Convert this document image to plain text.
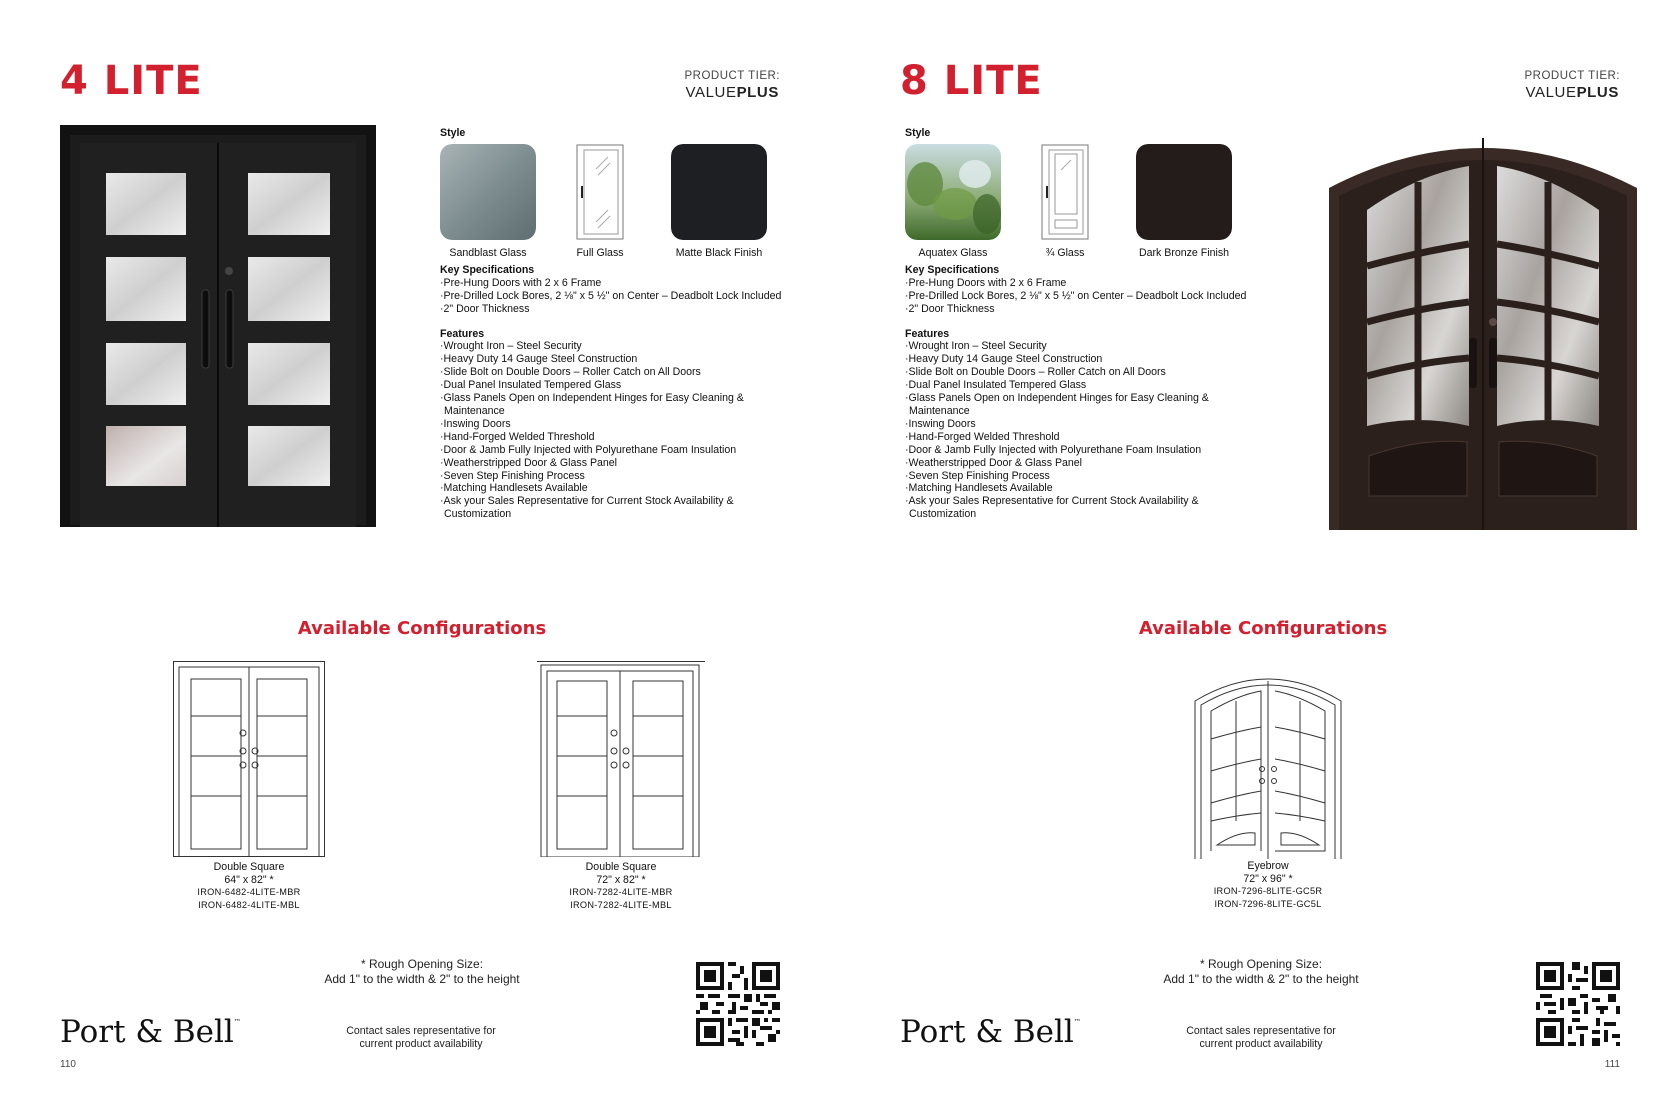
4 LITE	PRODUCT TIER:
VALUEPLUS
Style
Sandblast Glass	Full Glass	Matte Black Finish
Key Specifications
· Pre-Hung Doors with 2 x 6 Frame
· Pre-Drilled Lock Bores, 2 ⅛" x 5 ½" on Center – Deadbolt Lock Included
· 2" Door Thickness
Features
· Wrought Iron – Steel Security
· Heavy Duty 14 Gauge Steel Construction
· Slide Bolt on Double Doors – Roller Catch on All Doors
· Dual Panel Insulated Tempered Glass
· Glass Panels Open on Independent Hinges for Easy Cleaning & Maintenance
· Inswing Doors
· Hand-Forged Welded Threshold
· Door & Jamb Fully Injected with Polyurethane Foam Insulation
· Weatherstripped Door & Glass Panel
· Seven Step Finishing Process
· Matching Handlesets Available
· Ask your Sales Representative for Current Stock Availability & Customization
Available Configurations
Double Square
64" x 82" *
IRON-6482-4LITE-MBR
IRON-6482-4LITE-MBL
Double Square
72" x 82" *
IRON-7282-4LITE-MBR
IRON-7282-4LITE-MBL
* Rough Opening Size:
Add 1" to the width & 2" to the height
Port & Bell™
Contact sales representative for
current product availability
110
8 LITE	PRODUCT TIER:
VALUEPLUS
Style
Aquatex Glass	¾ Glass	Dark Bronze Finish
Key Specifications
· Pre-Hung Doors with 2 x 6 Frame
· Pre-Drilled Lock Bores, 2 ⅛" x 5 ½" on Center – Deadbolt Lock Included
· 2" Door Thickness
Features
· Wrought Iron – Steel Security
· Heavy Duty 14 Gauge Steel Construction
· Slide Bolt on Double Doors – Roller Catch on All Doors
· Dual Panel Insulated Tempered Glass
· Glass Panels Open on Independent Hinges for Easy Cleaning & Maintenance
· Inswing Doors
· Hand-Forged Welded Threshold
· Door & Jamb Fully Injected with Polyurethane Foam Insulation
· Weatherstripped Door & Glass Panel
· Seven Step Finishing Process
· Matching Handlesets Available
· Ask your Sales Representative for Current Stock Availability & Customization
Available Configurations
Eyebrow
72" x 96" *
IRON-7296-8LITE-GC5R
IRON-7296-8LITE-GC5L
* Rough Opening Size:
Add 1" to the width & 2" to the height
Port & Bell™
Contact sales representative for
current product availability
111
